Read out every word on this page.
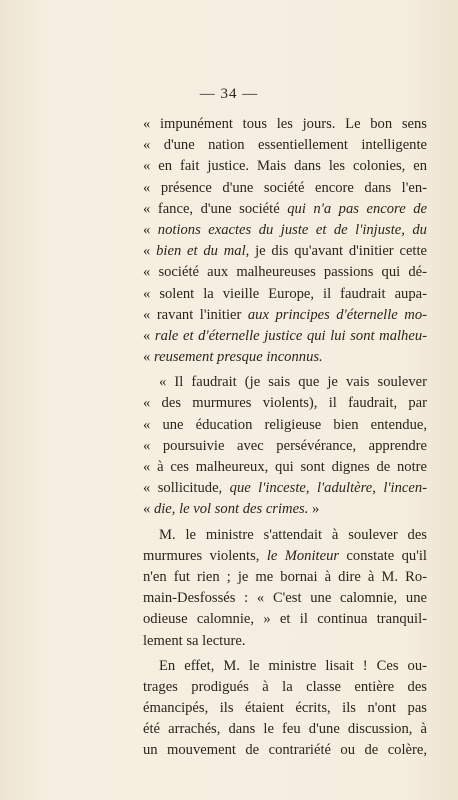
— 34 —
« impunément tous les jours. Le bon sens
« d'une nation essentiellement intelligente
« en fait justice. Mais dans les colonies, en
« présence d'une société encore dans l'en-
« fance, d'une société qui n'a pas encore de
« notions exactes du juste et de l'injuste, du
« bien et du mal, je dis qu'avant d'initier cette
« société aux malheureuses passions qui dé-
« solent la vieille Europe, il faudrait aupa-
« ravant l'initier aux principes d'éternelle mo-
« rale et d'éternelle justice qui lui sont malheu-
« reusement presque inconnus.
« Il faudrait (je sais que je vais soulever
« des murmures violents), il faudrait, par
« une éducation religieuse bien entendue,
« poursuivie avec persévérance, apprendre
« à ces malheureux, qui sont dignes de notre
« sollicitude, que l'inceste, l'adultère, l'incen-
« die, le vol sont des crimes. »
M. le ministre s'attendait à soulever des
murmures violents, le Moniteur constate qu'il
n'en fut rien ; je me bornai à dire à M. Ro-
main-Desfossés : « C'est une calomnie, une
odieuse calomnie, » et il continua tranquil-
lement sa lecture.
En effet, M. le ministre lisait ! Ces ou-
trages prodigués à la classe entière des
émancipés, ils étaient écrits, ils n'ont pas
été arrachés, dans le feu d'une discussion, à
un mouvement de contrariété ou de colère,
